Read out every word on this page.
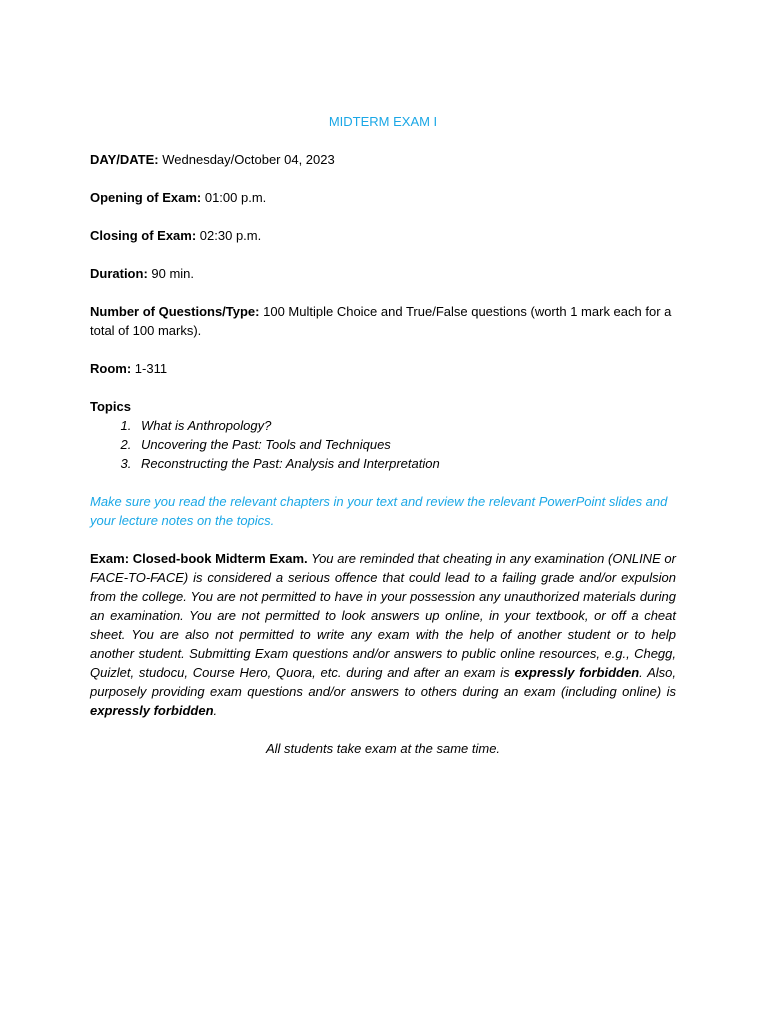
MIDTERM EXAM I
DAY/DATE: Wednesday/October 04, 2023
Opening of Exam: 01:00 p.m.
Closing of Exam: 02:30 p.m.
Duration: 90 min.
Number of Questions/Type: 100 Multiple Choice and True/False questions (worth 1 mark each for a total of 100 marks).
Room: 1-311
Topics
1. What is Anthropology?
2. Uncovering the Past: Tools and Techniques
3. Reconstructing the Past: Analysis and Interpretation
Make sure you read the relevant chapters in your text and review the relevant PowerPoint slides and your lecture notes on the topics.
Exam: Closed-book Midterm Exam. You are reminded that cheating in any examination (ONLINE or FACE-TO-FACE) is considered a serious offence that could lead to a failing grade and/or expulsion from the college. You are not permitted to have in your possession any unauthorized materials during an examination. You are not permitted to look answers up online, in your textbook, or off a cheat sheet. You are also not permitted to write any exam with the help of another student or to help another student. Submitting Exam questions and/or answers to public online resources, e.g., Chegg, Quizlet, studocu, Course Hero, Quora, etc. during and after an exam is expressly forbidden. Also, purposely providing exam questions and/or answers to others during an exam (including online) is expressly forbidden.
All students take exam at the same time.
